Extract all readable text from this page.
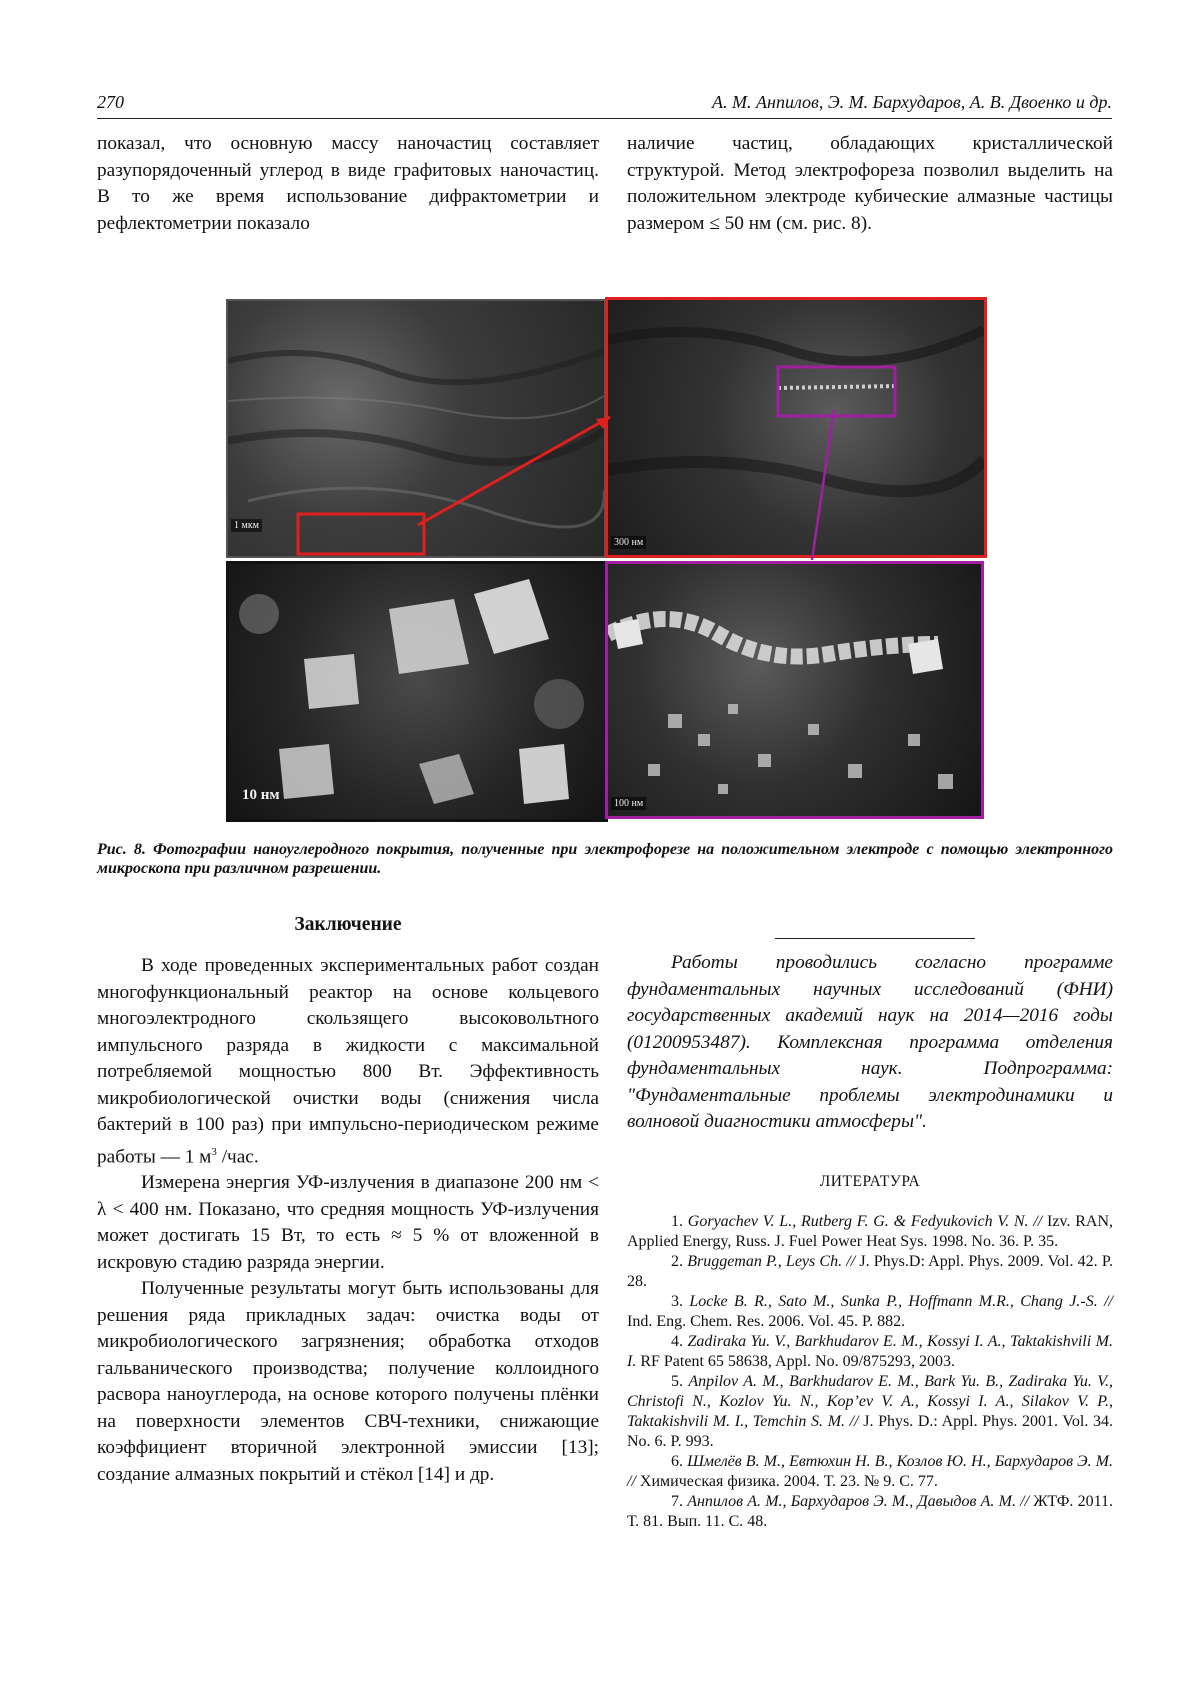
270	А. М. Анпилов, Э. М. Бархударов, А. В. Двоенко и др.

показал, что основную массу наночастиц составляет разупорядоченный углерод в виде графитовых наночастиц. В то же время использование дифрактометрии и рефлектометрии показало

наличие частиц, обладающих кристаллической структурой. Метод электрофореза позволил выделить на положительном электроде кубические алмазные частицы размером ≤ 50 нм (см. рис. 8).

1 мкм
300 нм
10 нм
100 нм

Рис. 8. Фотографии наноуглеродного покрытия, полученные при электрофорезе на положительном электроде с помощью электронного микроскопа при различном разрешении.

Заключение

В ходе проведенных экспериментальных работ создан многофункциональный реактор на основе кольцевого многоэлектродного скользящего высоковольтного импульсного разряда в жидкости с максимальной потребляемой мощностью 800 Вт. Эффективность микробиологической очистки воды (снижения числа бактерий в 100 раз) при импульсно-периодическом режиме работы — 1 $м^3$ /час.

Измерена энергия УФ-излучения в диапазоне 200 нм < λ < 400 нм. Показано, что средняя мощность УФ-излучения может достигать 15 Вт, то есть ≈ 5 % от вложенной в искровую стадию разряда энергии.

Полученные результаты могут быть использованы для решения ряда прикладных задач: очистка воды от микробиологического загрязнения; обработка отходов гальванического производства; получение коллоидного расвора наноуглерода, на основе которого получены плёнки на поверхности элементов СВЧ-техники, снижающие коэффициент вторичной электронной эмиссии [13]; создание алмазных покрытий и стёкол [14] и др.

Работы проводились согласно программе фундаментальных научных исследований (ФНИ) государственных академий наук на 2014—2016 годы (01200953487). Комплексная программа отделения фундаментальных наук. Подпрограмма: "Фундаментальные проблемы электродинамики и волновой диагностики атмосферы".

ЛИТЕРАТУРА
1. Goryachev V. L., Rutberg F. G. & Fedyukovich V. N. // Izv. RAN, Applied Energy, Russ. J. Fuel Power Heat Sys. 1998. No. 36. P. 35.
2. Bruggeman P., Leys Ch. // J. Phys.D: Appl. Phys. 2009. Vol. 42. P. 28.
3. Locke B. R., Sato M., Sunka P., Hoffmann M.R., Chang J.-S. // Ind. Eng. Chem. Res. 2006. Vol. 45. P. 882.
4. Zadiraka Yu. V., Barkhudarov E. M., Kossyi I. A., Taktakishvili M. I. RF Patent 65 58638, Appl. No. 09/875293, 2003.
5. Anpilov A. M., Barkhudarov E. M., Bark Yu. B., Zadiraka Yu. V., Christofi N., Kozlov Yu. N., Kop’ev V. A., Kossyi I. A., Silakov V. P., Taktakishvili M. I., Temchin S. M. // J. Phys. D.: Appl. Phys. 2001. Vol. 34. No. 6. P. 993.
6. Шмелёв В. М., Евтюхин Н. В., Козлов Ю. Н., Бархударов Э. М. // Химическая физика. 2004. Т. 23. № 9. С. 77.
7. Анпилов А. М., Бархударов Э. М., Давыдов А. М. // ЖТФ. 2011. Т. 81. Вып. 11. С. 48.
